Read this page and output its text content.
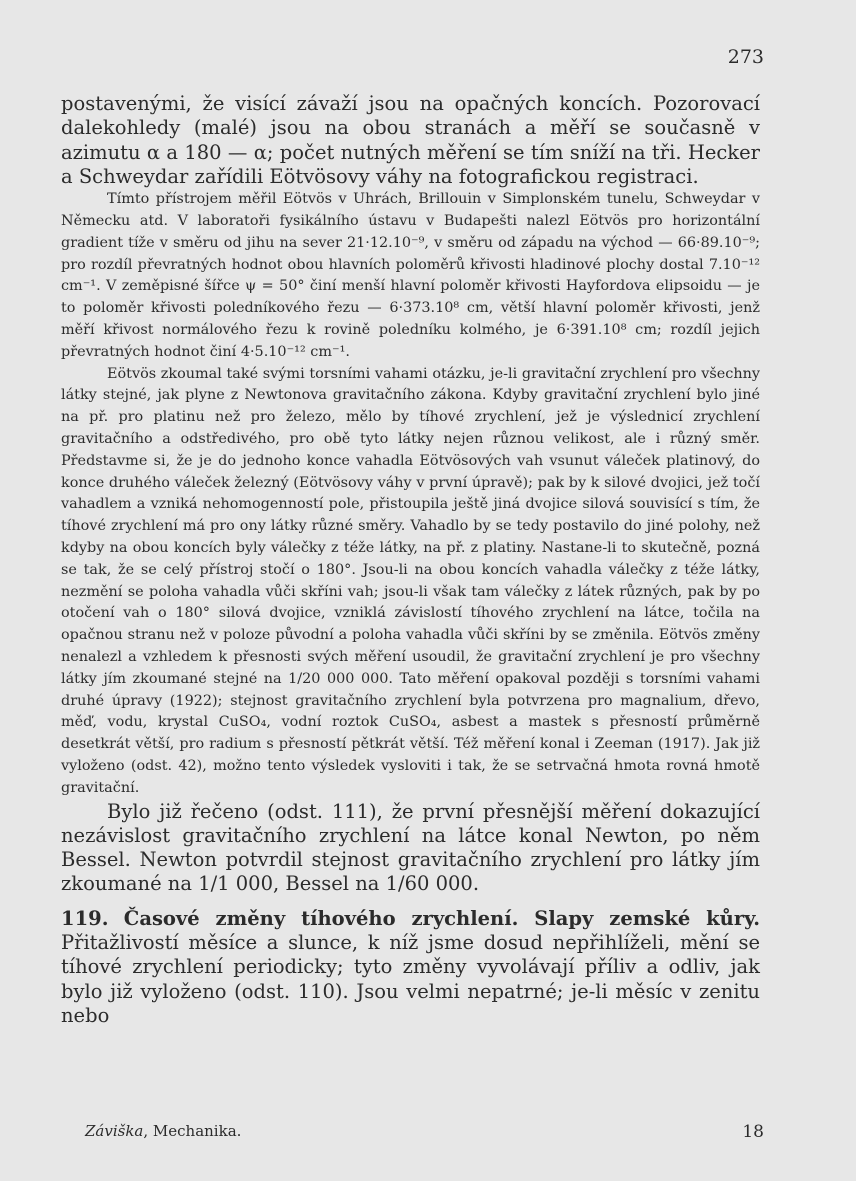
273

postavenými, že visící závaží jsou na opačných koncích. Pozorovací dalekohledy (malé) jsou na obou stranách a měří se současně v azimutu α a 180 — α; počet nutných měření se tím sníží na tři. Hecker a Schweydar zařídili Eötvösovy váhy na fotografickou registraci.

Tímto přístrojem měřil Eötvös v Uhrách, Brillouin v Simplonském tunelu, Schweydar v Německu atd. V laboratoři fysikálního ústavu v Budapešti nalezl Eötvös pro horizontální gradient tíže v směru od jihu na sever 21·12.10⁻⁹, v směru od západu na východ — 66·89.10⁻⁹; pro rozdíl převratných hodnot obou hlavních poloměrů křivosti hladinové plochy dostal 7.10⁻¹² cm⁻¹. V zeměpisné šířce ψ = 50° činí menší hlavní poloměr křivosti Hayfordova elipsoidu — je to poloměr křivosti poledníkového řezu — 6·373.10⁸ cm, větší hlavní poloměr křivosti, jenž měří křivost normálového řezu k rovině poledníku kolmého, je 6·391.10⁸ cm; rozdíl jejich převratných hodnot činí 4·5.10⁻¹² cm⁻¹.

Eötvös zkoumal také svými torsními vahami otázku, je-li gravitační zrychlení pro všechny látky stejné, jak plyne z Newtonova gravitačního zákona. Kdyby gravitační zrychlení bylo jiné na př. pro platinu než pro železo, mělo by tíhové zrychlení, jež je výslednicí zrychlení gravitačního a odstředivého, pro obě tyto látky nejen různou velikost, ale i různý směr. Představme si, že je do jednoho konce vahadla Eötvösových vah vsunut váleček platinový, do konce druhého váleček železný (Eötvösovy váhy v první úpravě); pak by k silové dvojici, jež točí vahadlem a vzniká nehomogenností pole, přistoupila ještě jiná dvojice silová souvisící s tím, že tíhové zrychlení má pro ony látky různé směry. Vahadlo by se tedy postavilo do jiné polohy, než kdyby na obou koncích byly válečky z téže látky, na př. z platiny. Nastane-li to skutečně, pozná se tak, že se celý přístroj stočí o 180°. Jsou-li na obou koncích vahadla válečky z téže látky, nezmění se poloha vahadla vůči skříni vah; jsou-li však tam válečky z látek různých, pak by po otočení vah o 180° silová dvojice, vzniklá závislostí tíhového zrychlení na látce, točila na opačnou stranu než v poloze původní a poloha vahadla vůči skříni by se změnila. Eötvös změny nenalezl a vzhledem k přesnosti svých měření usoudil, že gravitační zrychlení je pro všechny látky jím zkoumané stejné na 1/20 000 000. Tato měření opakoval později s torsními vahami druhé úpravy (1922); stejnost gravitačního zrychlení byla potvrzena pro magnalium, dřevo, měď, vodu, krystal CuSO₄, vodní roztok CuSO₄, asbest a mastek s přesností průměrně desetkrát větší, pro radium s přesností pětkrát větší. Též měření konal i Zeeman (1917). Jak již vyloženo (odst. 42), možno tento výsledek vysloviti i tak, že se setrvačná hmota rovná hmotě gravitační.

Bylo již řečeno (odst. 111), že první přesnější měření dokazující nezávislost gravitačního zrychlení na látce konal Newton, po něm Bessel. Newton potvrdil stejnost gravitačního zrychlení pro látky jím zkoumané na 1/1 000, Bessel na 1/60 000.

119. Časové změny tíhového zrychlení. Slapy zemské kůry. Přitažlivostí měsíce a slunce, k níž jsme dosud nepřihlíželi, mění se tíhové zrychlení periodicky; tyto změny vyvolávají příliv a odliv, jak bylo již vyloženo (odst. 110). Jsou velmi nepatrné; je-li měsíc v zenitu nebo
Záviška, Mechanika.	18
